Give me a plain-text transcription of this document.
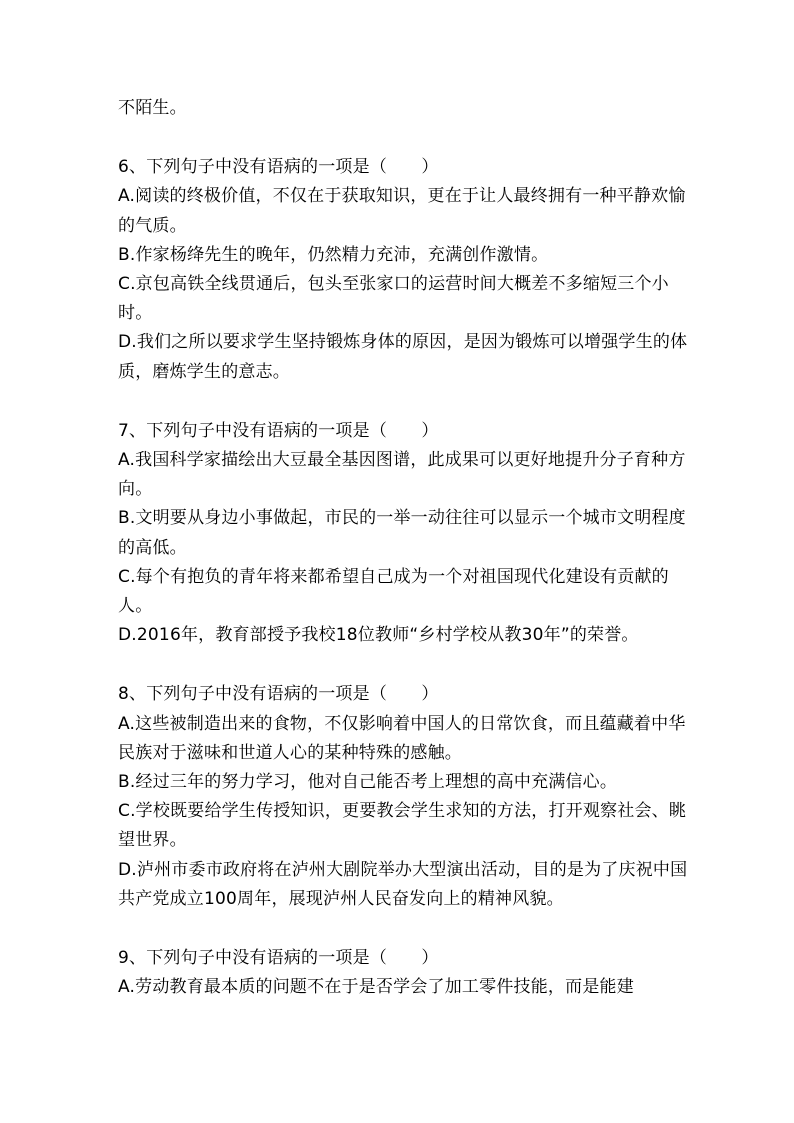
不陌生。

6、下列句子中没有语病的一项是（　　）

A.阅读的终极价值，不仅在于获取知识，更在于让人最终拥有一种平静欢愉的气质。

B.作家杨绛先生的晚年，仍然精力充沛，充满创作激情。

C.京包高铁全线贯通后，包头至张家口的运营时间大概差不多缩短三个小时。

D.我们之所以要求学生坚持锻炼身体的原因，是因为锻炼可以增强学生的体质，磨炼学生的意志。

7、下列句子中没有语病的一项是（　　）

A.我国科学家描绘出大豆最全基因图谱，此成果可以更好地提升分子育种方向。

B.文明要从身边小事做起，市民的一举一动往往可以显示一个城市文明程度的高低。

C.每个有抱负的青年将来都希望自己成为一个对祖国现代化建设有贡献的人。

D.2016年，教育部授予我校18位教师“乡村学校从教30年”的荣誉。

8、下列句子中没有语病的一项是（　　）

A.这些被制造出来的食物，不仅影响着中国人的日常饮食，而且蕴藏着中华民族对于滋味和世道人心的某种特殊的感触。

B.经过三年的努力学习，他对自己能否考上理想的高中充满信心。

C.学校既要给学生传授知识，更要教会学生求知的方法，打开观察社会、眺望世界。

D.泸州市委市政府将在泸州大剧院举办大型演出活动，目的是为了庆祝中国共产党成立100周年，展现泸州人民奋发向上的精神风貌。

9、下列句子中没有语病的一项是（　　）

A.劳动教育最本质的问题不在于是否学会了加工零件技能，而是能建
